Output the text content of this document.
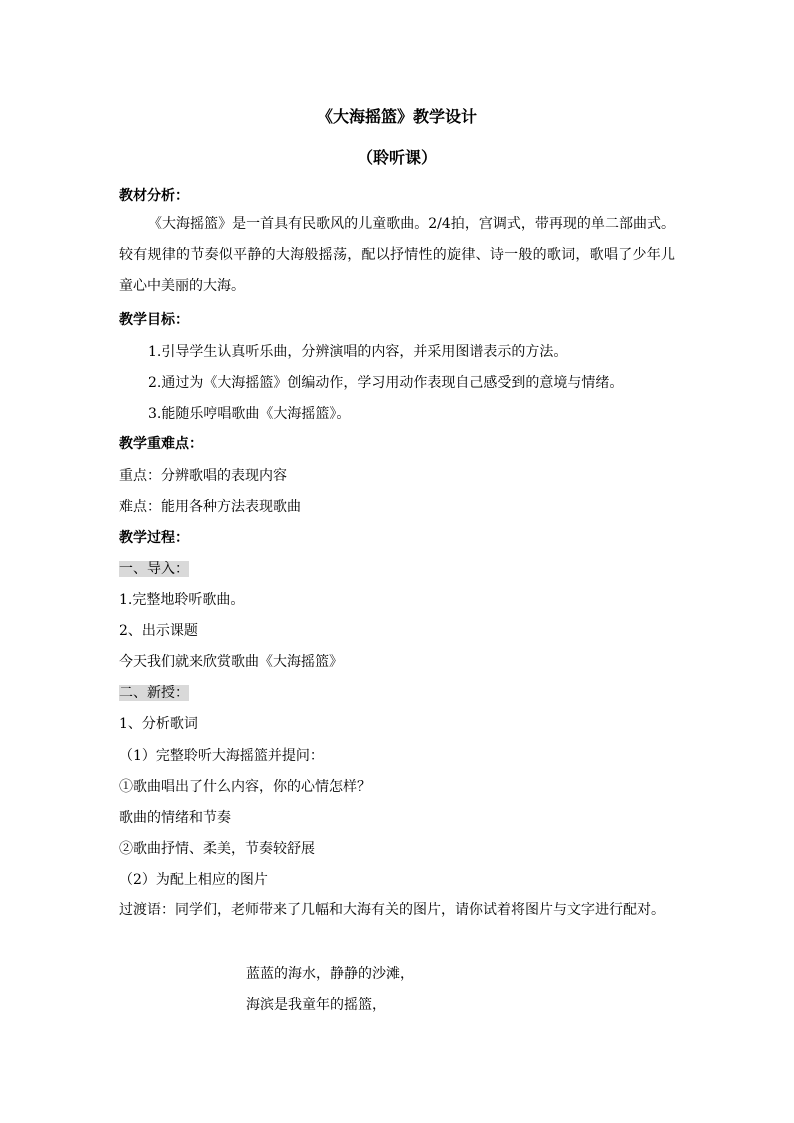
《大海摇篮》教学设计
（聆听课）
教材分析：
《大海摇篮》是一首具有民歌风的儿童歌曲。2/4拍，宫调式，带再现的单二部曲式。较有规律的节奏似平静的大海般摇荡，配以抒情性的旋律、诗一般的歌词，歌唱了少年儿童心中美丽的大海。
教学目标：
1.引导学生认真听乐曲，分辨演唱的内容，并采用图谱表示的方法。
2.通过为《大海摇篮》创编动作，学习用动作表现自己感受到的意境与情绪。
3.能随乐哼唱歌曲《大海摇篮》。
教学重难点：
重点：分辨歌唱的表现内容
难点：能用各种方法表现歌曲
教学过程：
一、导入：
1.完整地聆听歌曲。
2、出示课题
今天我们就来欣赏歌曲《大海摇篮》
二、新授：
1、分析歌词
（1）完整聆听大海摇篮并提问：
①歌曲唱出了什么内容，你的心情怎样？
歌曲的情绪和节奏
②歌曲抒情、柔美，节奏较舒展
（2）为配上相应的图片
过渡语：同学们，老师带来了几幅和大海有关的图片，请你试着将图片与文字进行配对。
蓝蓝的海水，静静的沙滩，
海滨是我童年的摇篮，
